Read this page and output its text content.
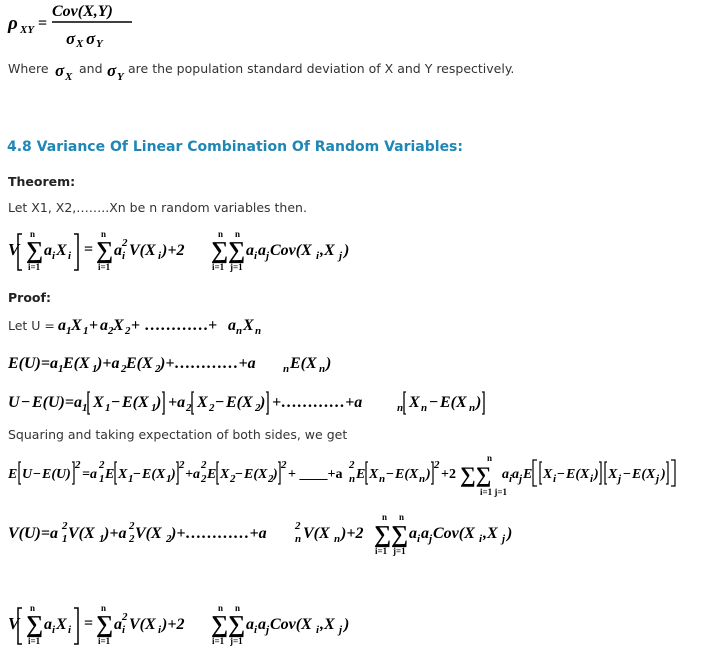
ρ XY =
Cov(X,Y)
σ X σ Y
Where σ X
and σ Y
are the population standard deviation of X and Y respectively.
4.8 Variance Of Linear Combination Of Random Variables:
Theorem:
Let X1, X2,……..Xn be n random variables then.
V
n
∑
i=1
a i X i =
n
∑
i=1
a i
2 V(X i )+2
n
∑
i=1
n
∑
j=1
a i a j Cov(X i ,X j )
Proof:
Let U = a 1 X 1 + a 2 X 2 + …………+ a n X n
E(U)=a 1 E(X 1 )+a 2 E(X 2 )+…………+a n E(X n )
U − E(U)=a 1 X 1 − E(X 1 ) +a 2 X 2 − E(X 2 ) +…………+a	n X n − E(X n )
Squaring and taking expectation of both sides, we get
E U − E(U)
2
=a 1
2
E X 1 − E(X 1 )
2
+a 2
2
E X 2 − E(X 2 )
2
+ ____+a n
2
E X n − E(X n )
2
+2
n
∑∑
i=1 j=1
a i a j E X i − E(X i ) X j − E(X j )
V(U)=a 1
2 V(X 1 )+a 2
2 V(X 2 )+…………+a	n
2 V(X n )+2
n
∑
i=1
n
∑
j=1
a i a j Cov(X i ,X j )
V
n
∑
i=1
a i X i =
n
∑
i=1
a i
2 V(X i )+2
n
∑
i=1
n
∑
j=1
a i a j Cov(X i ,X j )
